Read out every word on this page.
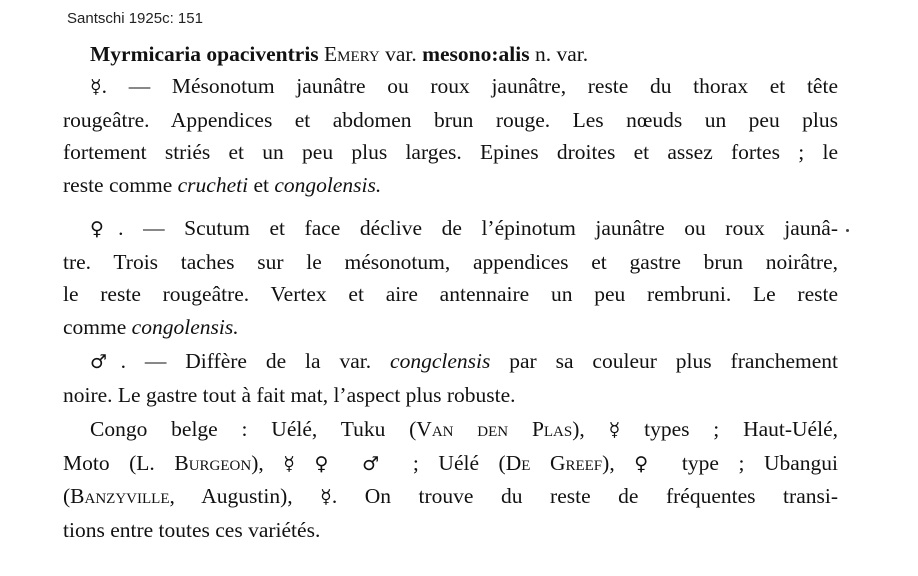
Santschi 1925c: 151
Myrmicaria opaciventris Emery var. mesono:alis n. var.
☿. — Mésonotum jaunâtre ou roux jaunâtre, reste du thorax et tête
rougeâtre. Appendices et abdomen brun rouge. Les nœuds un peu plus
fortement striés et un peu plus larges. Epines droites et assez fortes ; le
reste comme crucheti et congolensis.
♀. — Scutum et face déclive de l’épinotum jaunâtre ou roux jaunâ-
tre. Trois taches sur le mésonotum, appendices et gastre brun noirâtre,
le reste rougeâtre. Vertex et aire antennaire un peu rembruni. Le reste
comme congolensis.
♂. — Diffère de la var. congclensis par sa couleur plus franchement
noire. Le gastre tout à fait mat, l’aspect plus robuste.
Congo belge : Uélé, Tuku (Van den Plas), ☿ types ; Haut-Uélé,
Moto (L. Burgeon), ☿ ♀ ♂ ; Uélé (De Greef), ♀ type ; Ubangui
(Banzyville, Augustin), ☿. On trouve du reste de fréquentes transi-
tions entre toutes ces variétés.
